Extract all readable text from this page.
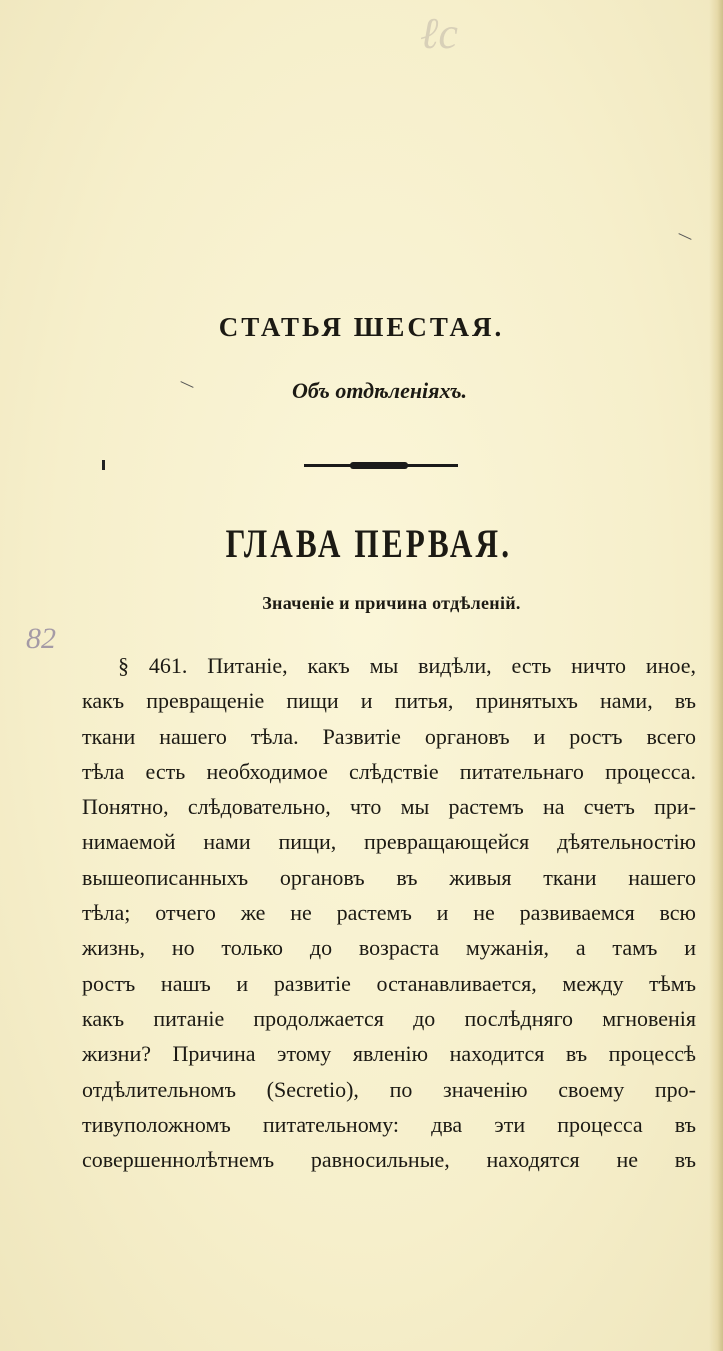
ℓc
СТАТЬЯ ШЕСТАЯ.
Объ отдѣленіяхъ.
ГЛАВА ПЕРВАЯ.
Значеніе и причина отдѣленій.
82
§ 461. Питаніе, какъ мы видѣли, есть ничто иное,
какъ превращеніе пищи и питья, принятыхъ нами, въ
ткани нашего тѣла. Развитіе органовъ и ростъ всего
тѣла есть необходимое слѣдствіе питательнаго процесса.
Понятно, слѣдовательно, что мы растемъ на счетъ при-
нимаемой нами пищи, превращающейся дѣятельностію
вышеописанныхъ органовъ въ живыя ткани нашего
тѣла; отчего же не растемъ и не развиваемся всю
жизнь, но только до возраста мужанія, а тамъ и
ростъ нашъ и развитіе останавливается, между тѣмъ
какъ питаніе продолжается до послѣдняго мгновенія
жизни? Причина этому явленію находится въ процессѣ
отдѣлительномъ (Secretio), по значенію своему про-
тивуположномъ питательному: два эти процесса въ
совершеннолѣтнемъ равносильные, находятся не въ
